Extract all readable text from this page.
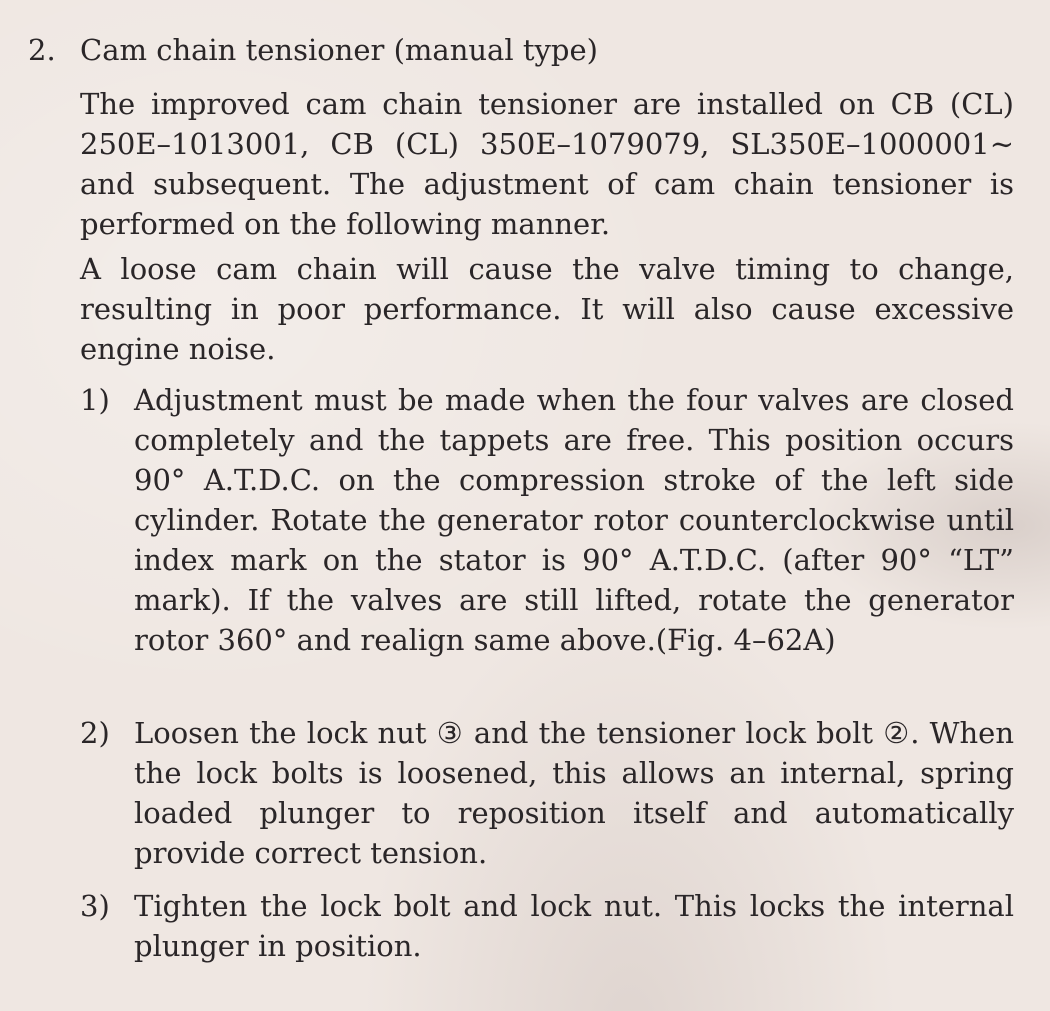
2. Cam chain tensioner (manual type)

The improved cam chain tensioner are installed on CB (CL) 250E–1013001, CB (CL) 350E–1079079, SL350E–1000001∼ and subsequent. The adjustment of cam chain tensioner is performed on the following manner.

A loose cam chain will cause the valve timing to change, resulting in poor performance. It will also cause excessive engine noise.

1) Adjustment must be made when the four valves are closed completely and the tappets are free. This position occurs 90° A.T.D.C. on the compression stroke of the left side cylinder. Rotate the generator rotor counterclockwise until index mark on the stator is 90° A.T.D.C. (after 90° “LT” mark). If the valves are still lifted, rotate the generator rotor 360° and realign same above.(Fig. 4–62A)

2) Loosen the lock nut ③ and the tensioner lock bolt ②. When the lock bolts is loosened, this allows an internal, spring loaded plunger to reposition itself and automatically provide correct tension.

3) Tighten the lock bolt and lock nut. This locks the internal plunger in position.
